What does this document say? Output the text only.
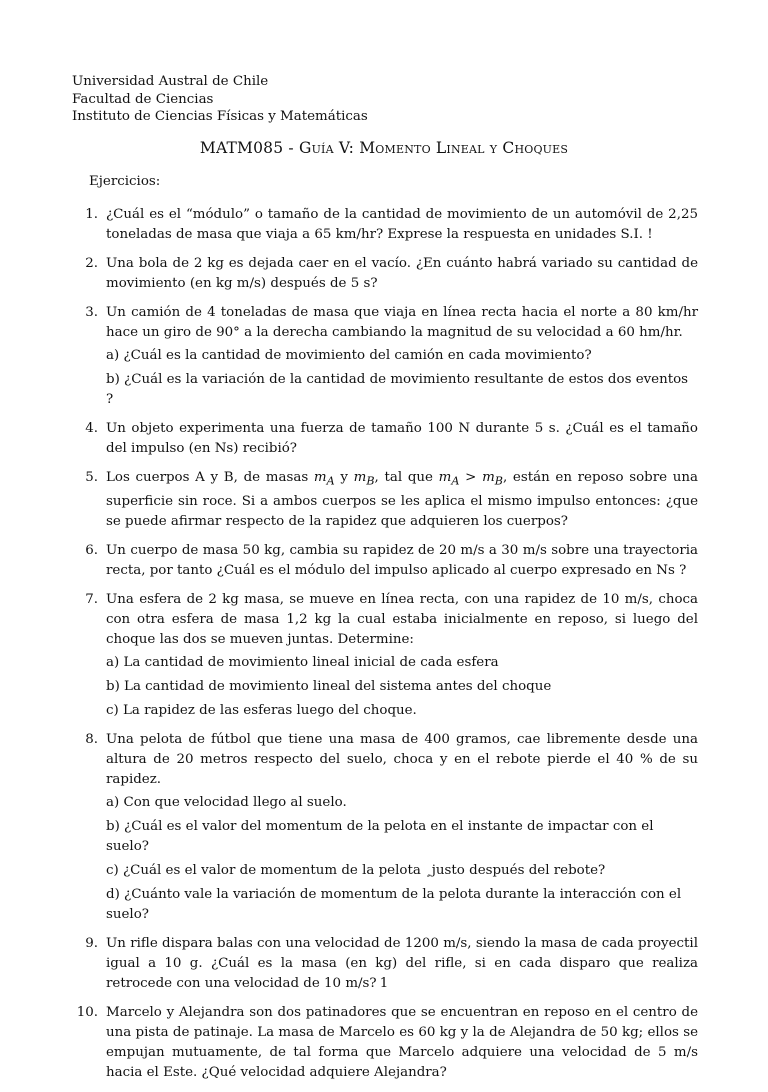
Universidad Austral de Chile
Facultad de Ciencias
Instituto de Ciencias Físicas y Matemáticas
MATM085 - Guía V: Momento Lineal y Choques
Ejercicios:
1. ¿Cuál es el “módulo” o tamaño de la cantidad de movimiento de un automóvil de 2,25 toneladas de masa que viaja a 65 km/hr? Exprese la respuesta en unidades S.I. !
2. Una bola de 2 kg es dejada caer en el vacío. ¿En cuánto habrá variado su cantidad de movimiento (en kg m/s) después de 5 s?
3. Un camión de 4 toneladas de masa que viaja en línea recta hacia el norte a 80 km/hr hace un giro de 90° a la derecha cambiando la magnitud de su velocidad a 60 hm/hr.
a) ¿Cuál es la cantidad de movimiento del camión en cada movimiento?
b) ¿Cuál es la variación de la cantidad de movimiento resultante de estos dos eventos ?
4. Un objeto experimenta una fuerza de tamaño 100 N durante 5 s. ¿Cuál es el tamaño del impulso (en Ns) recibió?
5. Los cuerpos A y B, de masas $m_A$ y $m_B$, tal que $m_A > m_B$, están en reposo sobre una superficie sin roce. Si a ambos cuerpos se les aplica el mismo impulso entonces: ¿que se puede afirmar respecto de la rapidez que adquieren los cuerpos?
6. Un cuerpo de masa 50 kg, cambia su rapidez de 20 m/s a 30 m/s sobre una trayectoria recta, por tanto ¿Cuál es el módulo del impulso aplicado al cuerpo expresado en Ns ?
7. Una esfera de 2 kg masa, se mueve en línea recta, con una rapidez de 10 m/s, choca con otra esfera de masa 1,2 kg la cual estaba inicialmente en reposo, si luego del choque las dos se mueven juntas. Determine:
a) La cantidad de movimiento lineal inicial de cada esfera
b) La cantidad de movimiento lineal del sistema antes del choque
c) La rapidez de las esferas luego del choque.
8. Una pelota de fútbol que tiene una masa de 400 gramos, cae libremente desde una altura de 20 metros respecto del suelo, choca y en el rebote pierde el 40 % de su rapidez.
a) Con que velocidad llego al suelo.
b) ¿Cuál es el valor del momentum de la pelota en el instante de impactar con el suelo?
c) ¿Cuál es el valor de momentum de la pelota ¸justo después del rebote?
d) ¿Cuánto vale la variación de momentum de la pelota durante la interacción con el suelo?
9. Un rifle dispara balas con una velocidad de 1200 m/s, siendo la masa de cada proyectil igual a 10 g. ¿Cuál es la masa (en kg) del rifle, si en cada disparo que realiza retrocede con una velocidad de 10 m/s?
10. Marcelo y Alejandra son dos patinadores que se encuentran en reposo en el centro de una pista de patinaje. La masa de Marcelo es 60 kg y la de Alejandra de 50 kg; ellos se empujan mutuamente, de tal forma que Marcelo adquiere una velocidad de 5 m/s hacia el Este. ¿Qué velocidad adquiere Alejandra?
1
